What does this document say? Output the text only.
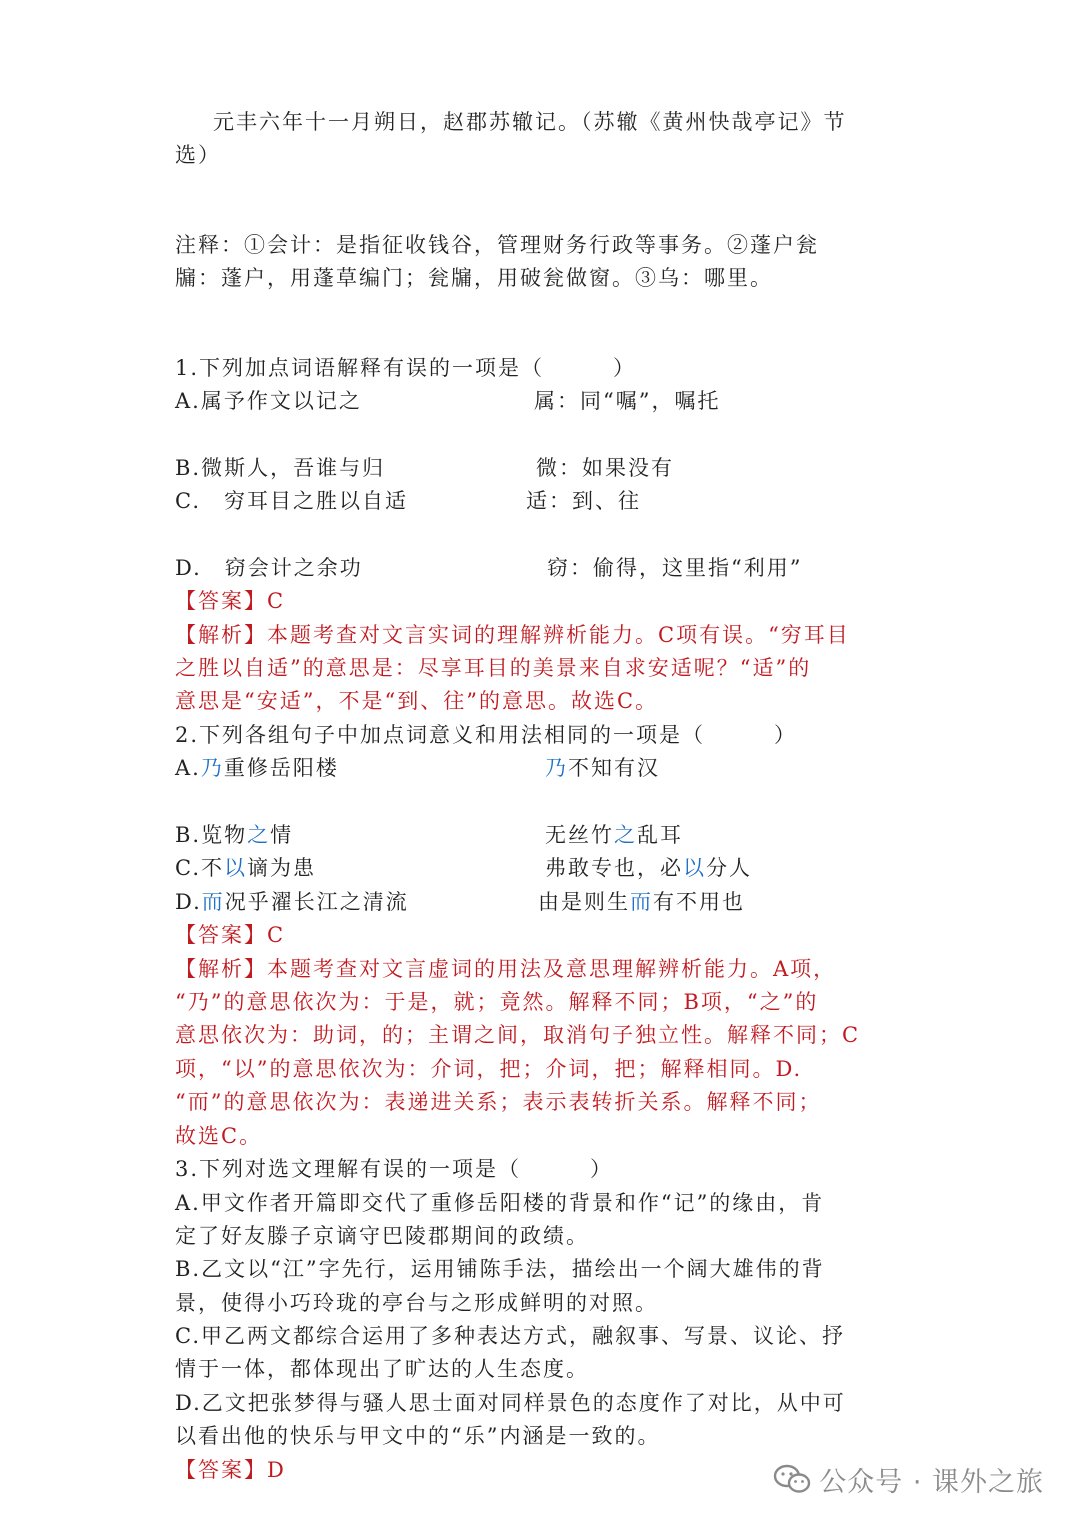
元丰六年十一月朔日，赵郡苏辙记。（苏辙《黄州快哉亭记》节
选）
注释：①会计：是指征收钱谷，管理财务行政等事务。②蓬户瓮
牖：蓬户，用蓬草编门；瓮牖，用破瓮做窗。③乌：哪里。
1.下列加点词语解释有误的一项是（　　　）
A.属予作文以记之	属：同“嘱”，嘱托
B.微斯人，吾谁与归	微：如果没有
C.　穷耳目之胜以自适	适：到、往
D.　窃会计之余功	窃：偷得，这里指“利用”
【答案】C
【解析】本题考查对文言实词的理解辨析能力。C项有误。“穷耳目
之胜以自适”的意思是：尽享耳目的美景来自求安适呢？“适”的
意思是“安适”，不是“到、往”的意思。故选C。
2.下列各组句子中加点词意义和用法相同的一项是（　　　）
A.乃重修岳阳楼	乃不知有汉
B.览物之情	无丝竹之乱耳
C.不以谪为患	弗敢专也，必以分人
D.而况乎濯长江之清流	由是则生而有不用也
【答案】C
【解析】本题考查对文言虚词的用法及意思理解辨析能力。A项，
“乃”的意思依次为：于是，就；竟然。解释不同；B项，“之”的
意思依次为：助词，的；主谓之间，取消句子独立性。解释不同；C
项，“以”的意思依次为：介词，把；介词，把；解释相同。D.
“而”的意思依次为：表递进关系；表示表转折关系。解释不同；
故选C。
3.下列对选文理解有误的一项是（　　　）
A.甲文作者开篇即交代了重修岳阳楼的背景和作“记”的缘由，肯
定了好友滕子京谪守巴陵郡期间的政绩。
B.乙文以“江”字先行，运用铺陈手法，描绘出一个阔大雄伟的背
景，使得小巧玲珑的亭台与之形成鲜明的对照。
C.甲乙两文都综合运用了多种表达方式，融叙事、写景、议论、抒
情于一体，都体现出了旷达的人生态度。
D.乙文把张梦得与骚人思士面对同样景色的态度作了对比，从中可
以看出他的快乐与甲文中的“乐”内涵是一致的。
【答案】D	公众号 · 课外之旅
